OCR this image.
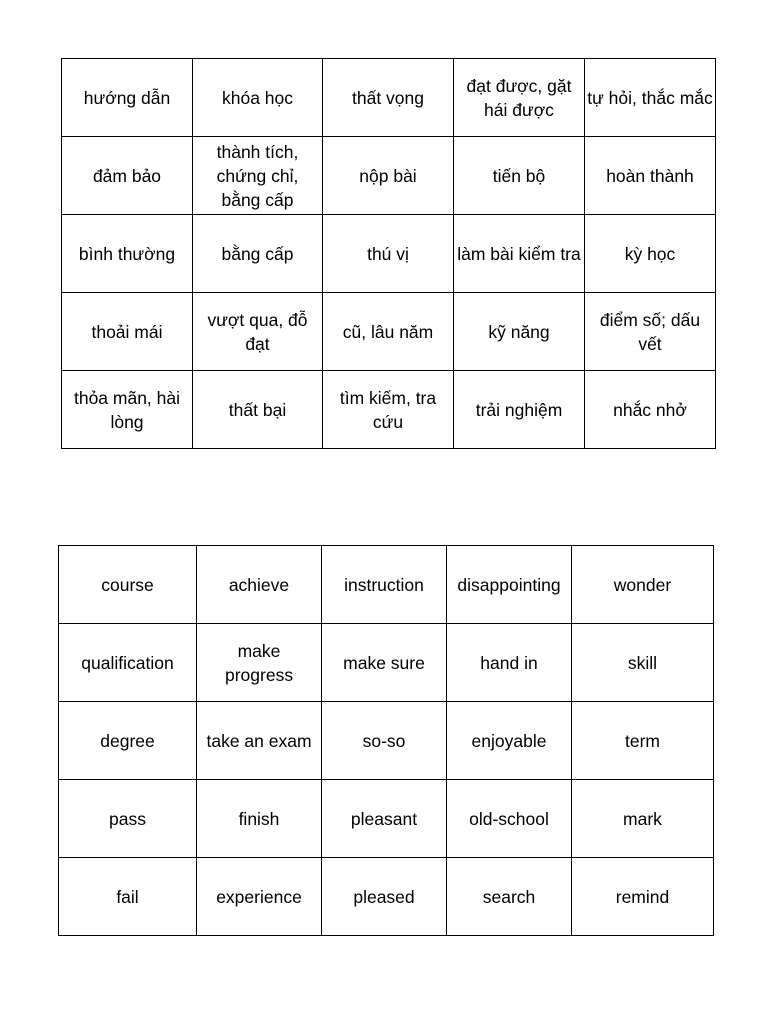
hướng dẫn	khóa học	thất vọng	đạt được, gặt hái được	tự hỏi, thắc mắc
đảm bảo	thành tích, chứng chỉ, bằng cấp	nộp bài	tiến bộ	hoàn thành
bình thường	bằng cấp	thú vị	làm bài kiểm tra	kỳ học
thoải mái	vượt qua, đỗ đạt	cũ, lâu năm	kỹ năng	điểm số; dấu vết
thỏa mãn, hài lòng	thất bại	tìm kiếm, tra cứu	trải nghiệm	nhắc nhở
course	achieve	instruction	disappointing	wonder
qualification	make progress	make sure	hand in	skill
degree	take an exam	so-so	enjoyable	term
pass	finish	pleasant	old-school	mark
fail	experience	pleased	search	remind
